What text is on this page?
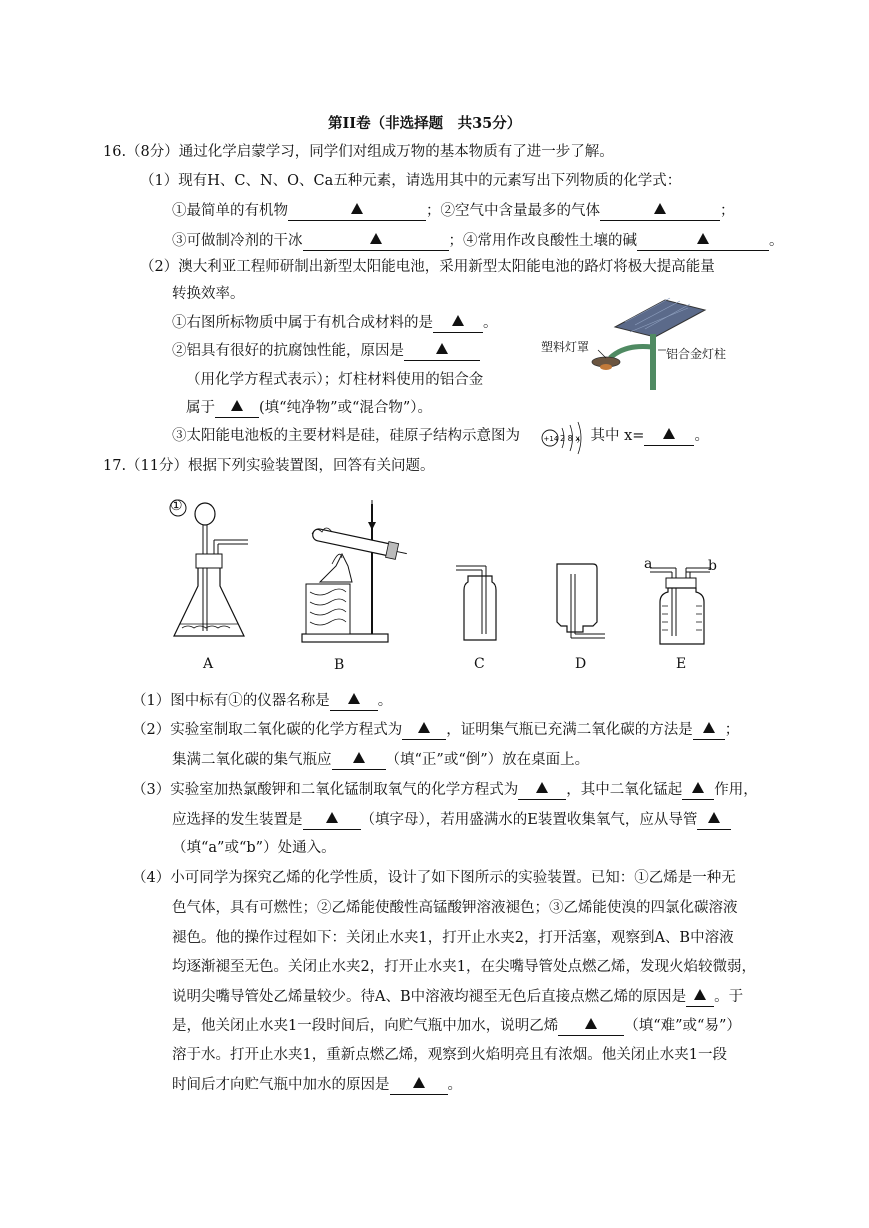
第II卷（非选择题　共35分）
16.（8分）通过化学启蒙学习，同学们对组成万物的基本物质有了进一步了解。
（1）现有H、C、N、O、Ca五种元素，请选用其中的元素写出下列物质的化学式：
①最简单的有机物	；②空气中含量最多的气体	；
③可做制冷剂的干冰	；④常用作改良酸性土壤的碱	。
（2）澳大利亚工程师研制出新型太阳能电池，采用新型太阳能电池的路灯将极大提高能量
转换效率。
①右图所标物质中属于有机合成材料的是	。
②铝具有很好的抗腐蚀性能，原因是
（用化学方程式表示）；灯柱材料使用的铝合金
属于	(填“纯净物”或“混合物”）。
③太阳能电池板的主要材料是硅，硅原子结构示意图为	，其中 x=	。
+14 2 8 x
塑料灯罩	铝合金灯柱
17.（11分）根据下列实验装置图，回答有关问题。
①
a	b
A	B	C	D	E
（1）图中标有①的仪器名称是	。
（2）实验室制取二氧化碳的化学方程式为	，证明集气瓶已充满二氧化碳的方法是 ；
集满二氧化碳的集气瓶应	（填“正”或“倒”）放在桌面上。
（3）实验室加热氯酸钾和二氧化锰制取氧气的化学方程式为	，其中二氧化锰起 作用，
应选择的发生装置是	（填字母），若用盛满水的E装置收集氧气，应从导管
（填“a”或“b”）处通入。
（4）小可同学为探究乙烯的化学性质，设计了如下图所示的实验装置。已知：①乙烯是一种无
色气体，具有可燃性；②乙烯能使酸性高锰酸钾溶液褪色；③乙烯能使溴的四氯化碳溶液
褪色。他的操作过程如下：关闭止水夹1，打开止水夹2，打开活塞，观察到A、B中溶液
均逐渐褪至无色。关闭止水夹2，打开止水夹1，在尖嘴导管处点燃乙烯，发现火焰较微弱，
说明尖嘴导管处乙烯量较少。待A、B中溶液均褪至无色后直接点燃乙烯的原因是 。于
是，他关闭止水夹1一段时间后，向贮气瓶中加水，说明乙烯	（填“难”或“易”）
溶于水。打开止水夹1，重新点燃乙烯，观察到火焰明亮且有浓烟。他关闭止水夹1一段
时间后才向贮气瓶中加水的原因是	。
